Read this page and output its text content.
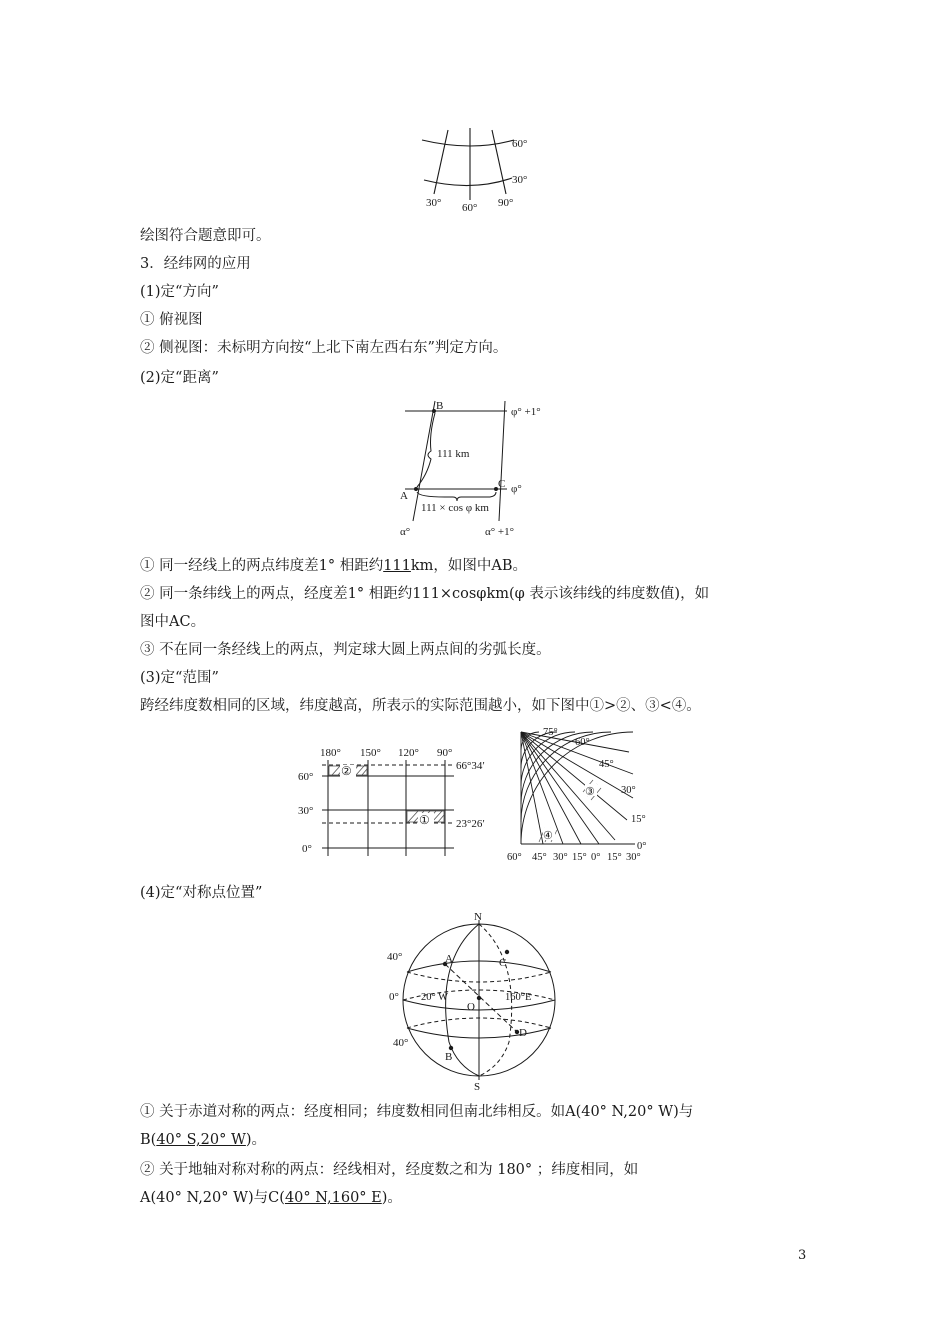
60°
30°
30° 60° 90°
绘图符合题意即可。
3．经纬网的应用
(1)定“方向”
① 俯视图
② 侧视图：未标明方向按“上北下南左西右东”判定方向。
(2)定“距离”
B
A
C
φ° +1°
φ°
111 km
111 × cos φ km
α°	α° +1°
① 同一经线上的两点纬度差1° 相距约111km，如图中AB。
② 同一条纬线上的两点，经度差1° 相距约111×cosφkm(φ 表示该纬线的纬度数值)，如
图中AC。
③ 不在同一条经线上的两点，判定球大圆上两点间的劣弧长度。
(3)定“范围”
跨经纬度数相同的区域，纬度越高，所表示的实际范围越小，如下图中①>②、③<④。
②
①
180° 150° 120° 90°
60°
30°
0°
66°34′
23°26′
③
④
75°
60°
45°
30°
15°
0°
60° 45° 30° 15° 0° 15° 30°
(4)定“对称点位置”
N
S
40°
0°
40°
A	C
O
D
B
20° W	160°E
① 关于赤道对称的两点：经度相同；纬度数相同但南北纬相反。如A(40° N,20° W)与
B(40° S,20° W)。
② 关于地轴对称对称的两点：经线相对，经度数之和为 180° ；纬度相同，如
A(40° N,20° W)与C(40° N,160° E)。
3
